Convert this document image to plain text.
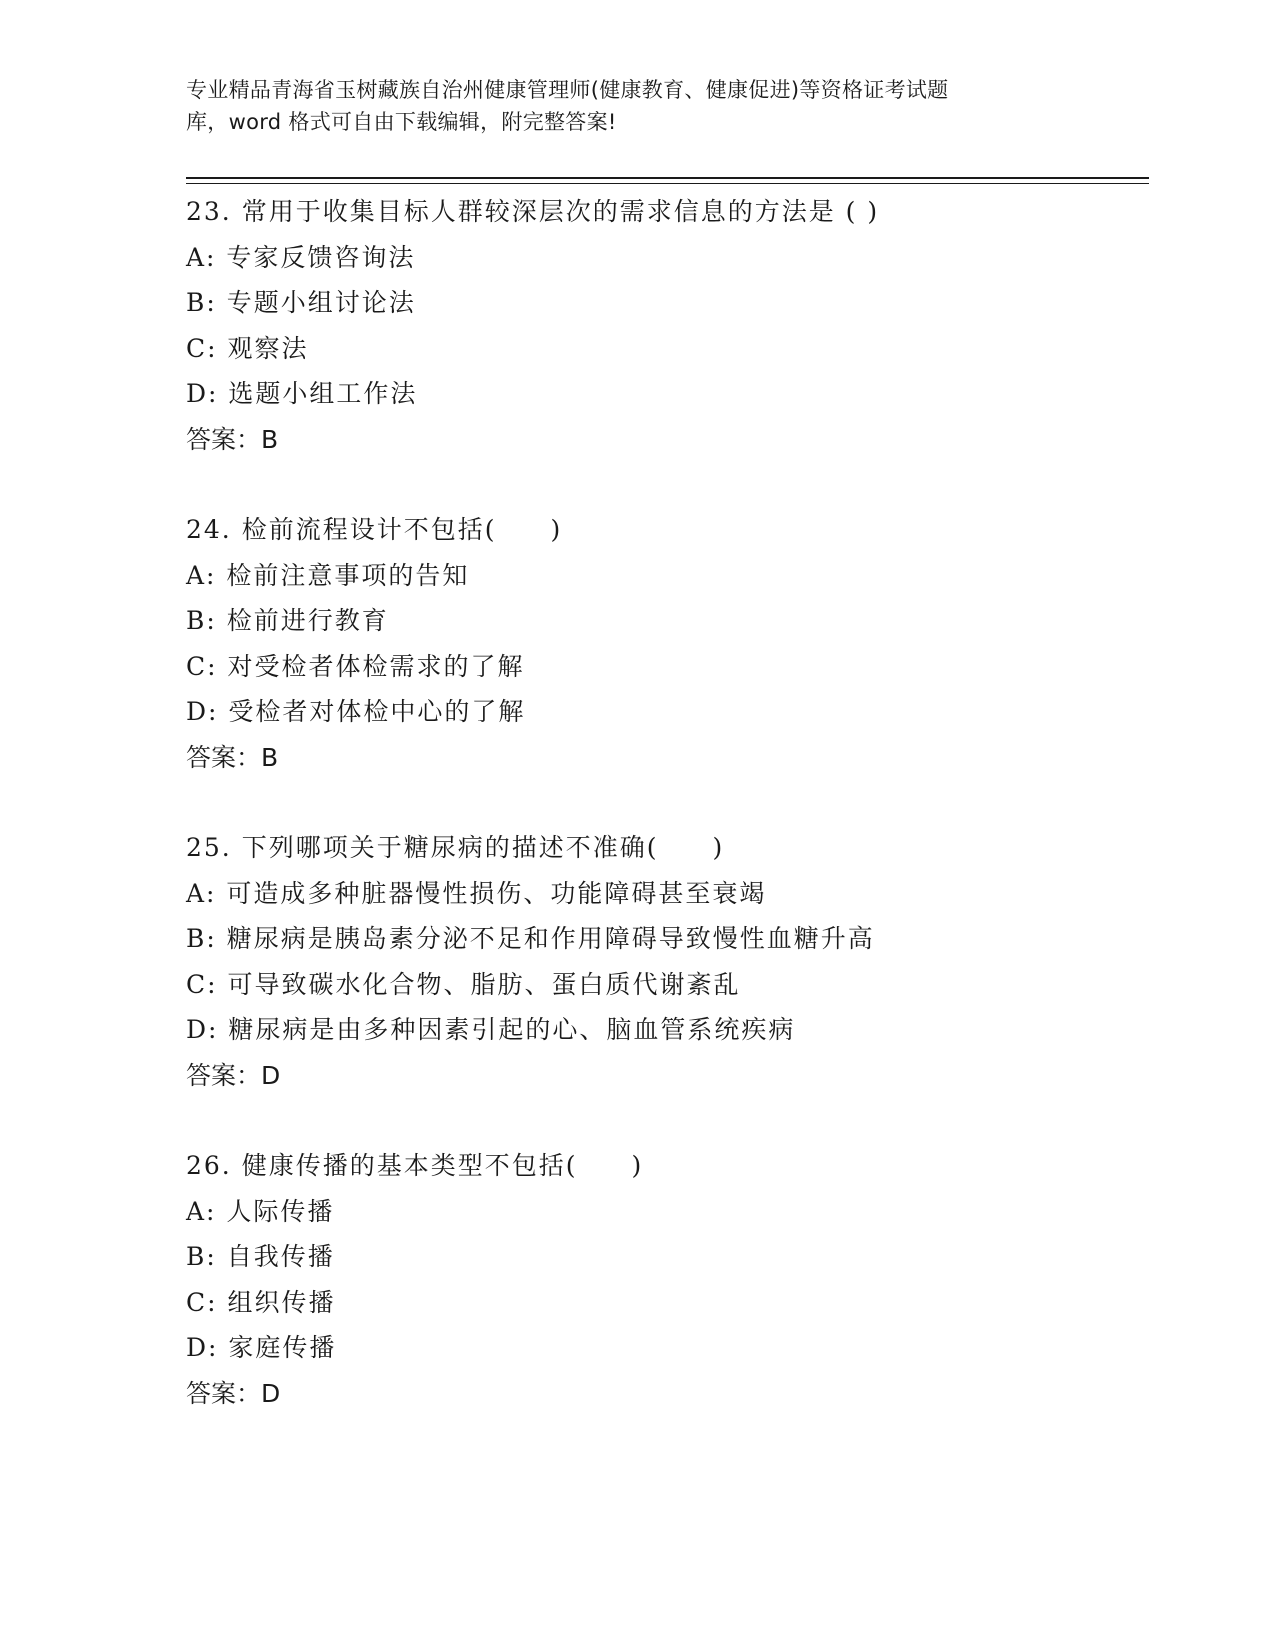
专业精品青海省玉树藏族自治州健康管理师(健康教育、健康促进)等资格证考试题
库，word 格式可自由下载编辑，附完整答案!
23. 常用于收集目标人群较深层次的需求信息的方法是 ( )
A: 专家反馈咨询法
B: 专题小组讨论法
C: 观察法
D: 选题小组工作法
答案：B
24. 检前流程设计不包括(　　)
A: 检前注意事项的告知
B: 检前进行教育
C: 对受检者体检需求的了解
D: 受检者对体检中心的了解
答案：B
25. 下列哪项关于糖尿病的描述不准确(　　)
A: 可造成多种脏器慢性损伤、功能障碍甚至衰竭
B: 糖尿病是胰岛素分泌不足和作用障碍导致慢性血糖升高
C: 可导致碳水化合物、脂肪、蛋白质代谢紊乱
D: 糖尿病是由多种因素引起的心、脑血管系统疾病
答案：D
26. 健康传播的基本类型不包括(　　)
A: 人际传播
B: 自我传播
C: 组织传播
D: 家庭传播
答案：D
